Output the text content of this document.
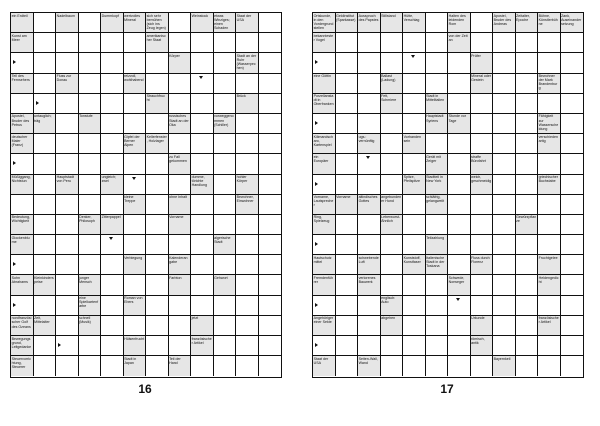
ein Erdteil	Nadelbaum	Dummkopf	wertvolles Mineral
sich sehr bemühen (sich ins Zeug legen)
Weinstock	etwas Winziges; einen Schaden
Staat der USA
Kunst am Meer
amerikanischer Staat
Körper	Stadt an der Ruhr (Wasserpechen)
Teil des Fernsehers
Fluss zur Donau
reizvoll, wohlhabend
Strauchfrucht
Brück
Apostel, Bruder des Petrus
untauglich; träg
Tonstufe	russisches Stadt an der Oka
vorweggenommen (Schiller)
deutscher Maler (Franz)
Gipfel der Berner Alpen
Kellerfenster, Holzlager
zu Fall gekommen
Müßiggang, Nichtstun
Hauptstadt von Peru
ungleich; zwei
dumme, törichte Handlung
hohler Körper
kleine Treppe
ohne Inhalt	Bewohner, Einwohner
Bedeutung, Wichtigkeit
Denker, Philosoph
Zitterpappel	Vorname
Glockenblume
algerische Stadt
Verbiegung	Kalenderangabe
Sohn Abrahams
Kleinkinderspeise
junger Mensch
Farbton	Gehwort
eine Spielkartenfarbe
Roman von Ebers
nordfranzösischer Golf des Ozeans
Zeit, Mittelalter
schnell (Musik)
jetzt
Bewegungsgrund, Leitgedanke
Hülsenfrucht	französischer Artikel
Steuervorrichtung, Steuerer
Stadt in Japan
Teil der Hand
16
Ortskunde, in den Vordergrund stellen
Geldinstitut (Sparkasse)
Ausspruch des Papstes
Stillstand	Hütte, Verschlag
Halten des leidenden Rom
Apostel, Bruder des Andreas
Zeitalter, Epoche
Bühne, Künstlerbühne
Zank, Auseinandersetzung
bekanntester Vogel
von der Zeit an
Prüfer
eine Göttin	Ballast (Ladung)
Mineral oder Gestein
Bewohner der Mark Brandenburg
Porzellanstadt in Oberfranken
Fett, Schmiere
Stadt in Mittelitalien
Hauptstadt Syriens
Stunde vor Tage
Fähigkeit zur Wasserscheidung
Kilimandscharo, Kartenspiel
ugs.: vernünftig
Vorhanden sein
verschiedenartig
ein Europäer
Gerät mit Zeiger
straffe Bürofahrt
Spitze, Pfeilspitze
Stadtteil in New York
weich, geschmeidig
griechischer Buchstabe
Vorname, Lautsprecher
Vorname	altindisches Gottes
angebundener Hund
schläfrig, gelangweilt
Ring, Spielzeug
Leberwurst-Ähnlich
Gewürzpflanze
Teilzahlung
Hautschutzmittel
schwebende Luft
Kunststoff, Kunstfaser
Italienische Stadt in der Toskana
Fluss durch Florenz
Fruchtgelee
Fremdenführer
verlorenes Bauwerk
Schwede, Norweger
Heldengedicht
englisch: Auto
Angehöriger einer Sekte
abgehen	Urkunde	französischer Artikel
römisch, antik
Staat der USA
Seiten-Wall, Wand
Bayernkeil
17
